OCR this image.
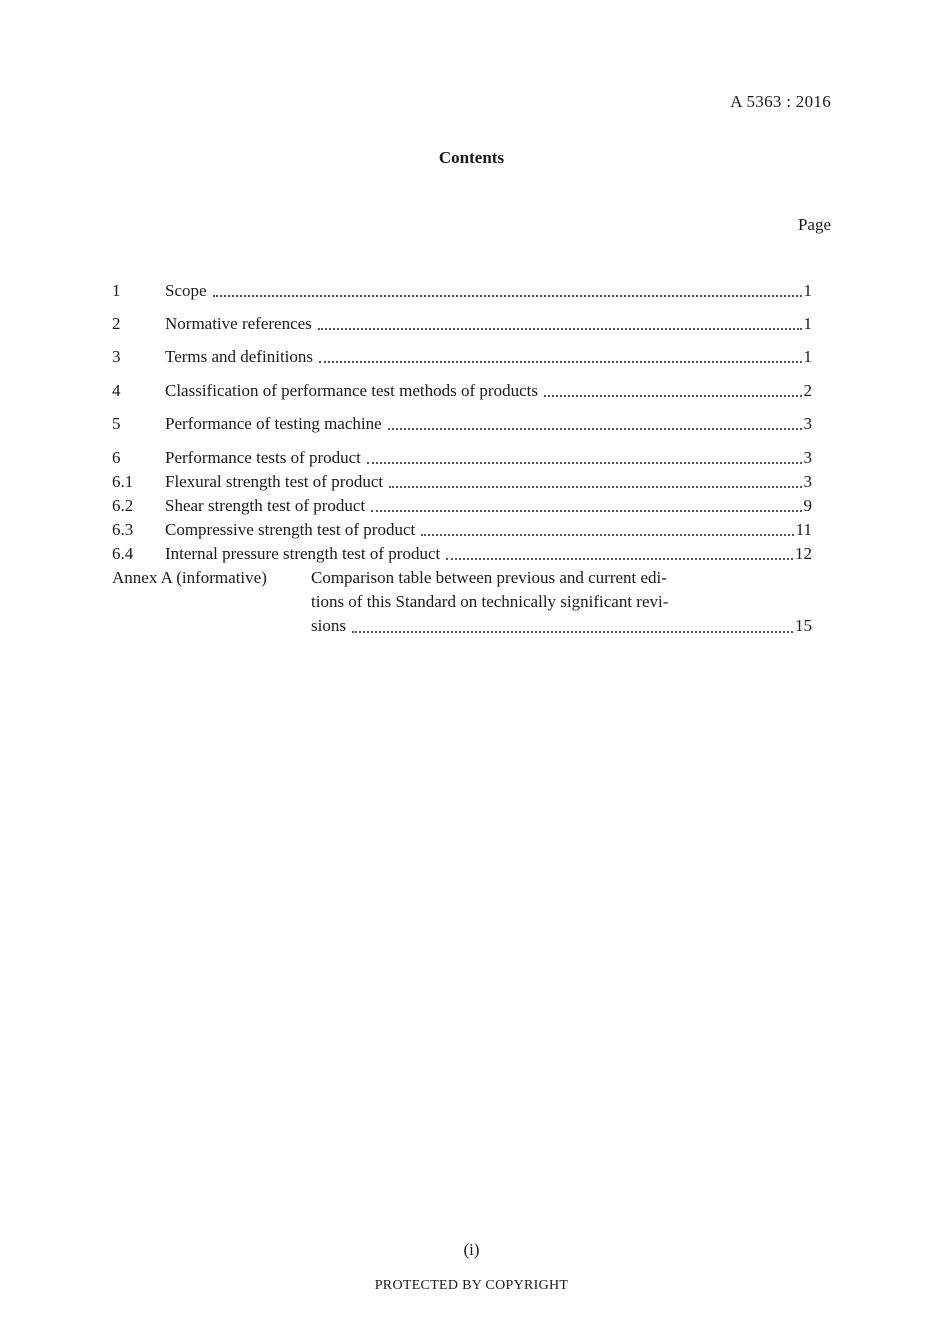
A 5363 : 2016
Contents
Page
1	Scope	1
2	Normative references	1
3	Terms and definitions	1
4	Classification of performance test methods of products	2
5	Performance of testing machine	3
6	Performance tests of product	3
6.1	Flexural strength test of product	3
6.2	Shear strength test of product	9
6.3	Compressive strength test of product	11
6.4	Internal pressure strength test of product	12
Annex A (informative)	Comparison table between previous and current edi-
tions of this Standard on technically significant revi-
sions	15
(i)
PROTECTED BY COPYRIGHT
